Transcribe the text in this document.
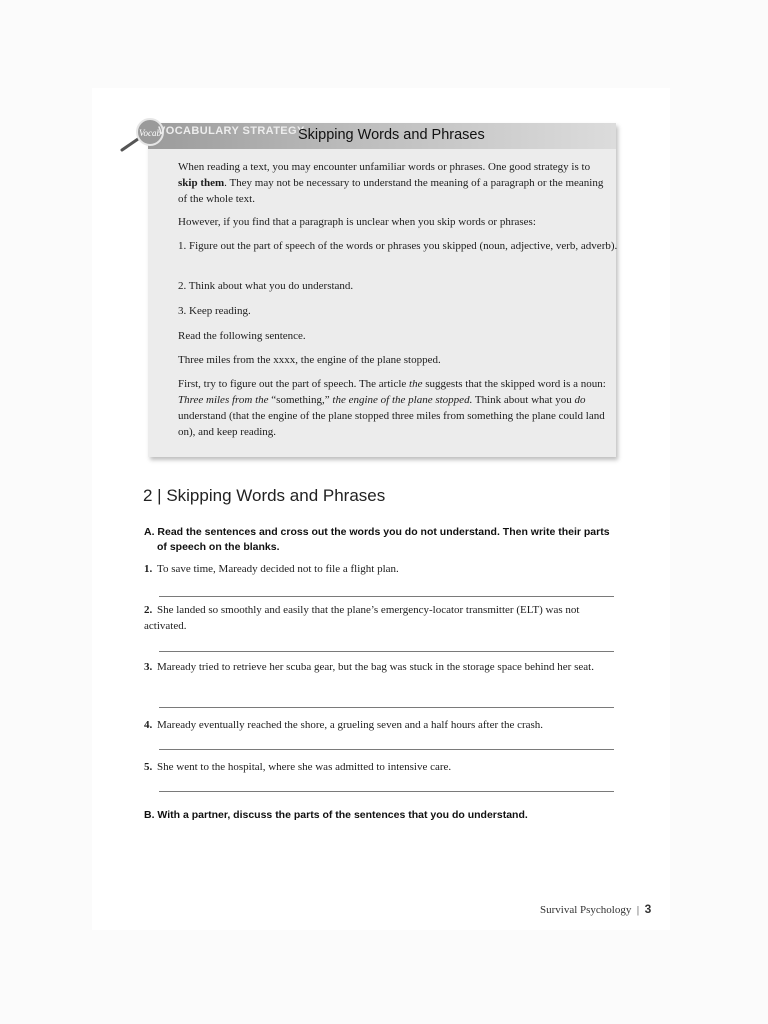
Vocab
VOCABULARY STRATEGY
Skipping Words and Phrases

When reading a text, you may encounter unfamiliar words or phrases. One good strategy is to skip them. They may not be necessary to understand the meaning of a paragraph or the meaning of the whole text.

However, if you find that a paragraph is unclear when you skip words or phrases:

1. Figure out the part of speech of the words or phrases you skipped (noun, adjective, verb, adverb).

2. Think about what you do understand.

3. Keep reading.

Read the following sentence.

Three miles from the xxxx, the engine of the plane stopped.

First, try to figure out the part of speech. The article the suggests that the skipped word is a noun: Three miles from the “something,” the engine of the plane stopped. Think about what you do understand (that the engine of the plane stopped three miles from something the plane could land on), and keep reading.

2 | Skipping Words and Phrases

A. Read the sentences and cross out the words you do not understand. Then write their parts of speech on the blanks.

1. To save time, Maready decided not to file a flight plan.

2. She landed so smoothly and easily that the plane’s emergency-locator transmitter (ELT) was not activated.

3. Maready tried to retrieve her scuba gear, but the bag was stuck in the storage space behind her seat.

4. Maready eventually reached the shore, a grueling seven and a half hours after the crash.

5. She went to the hospital, where she was admitted to intensive care.

B. With a partner, discuss the parts of the sentences that you do understand.

Survival Psychology  |  3
